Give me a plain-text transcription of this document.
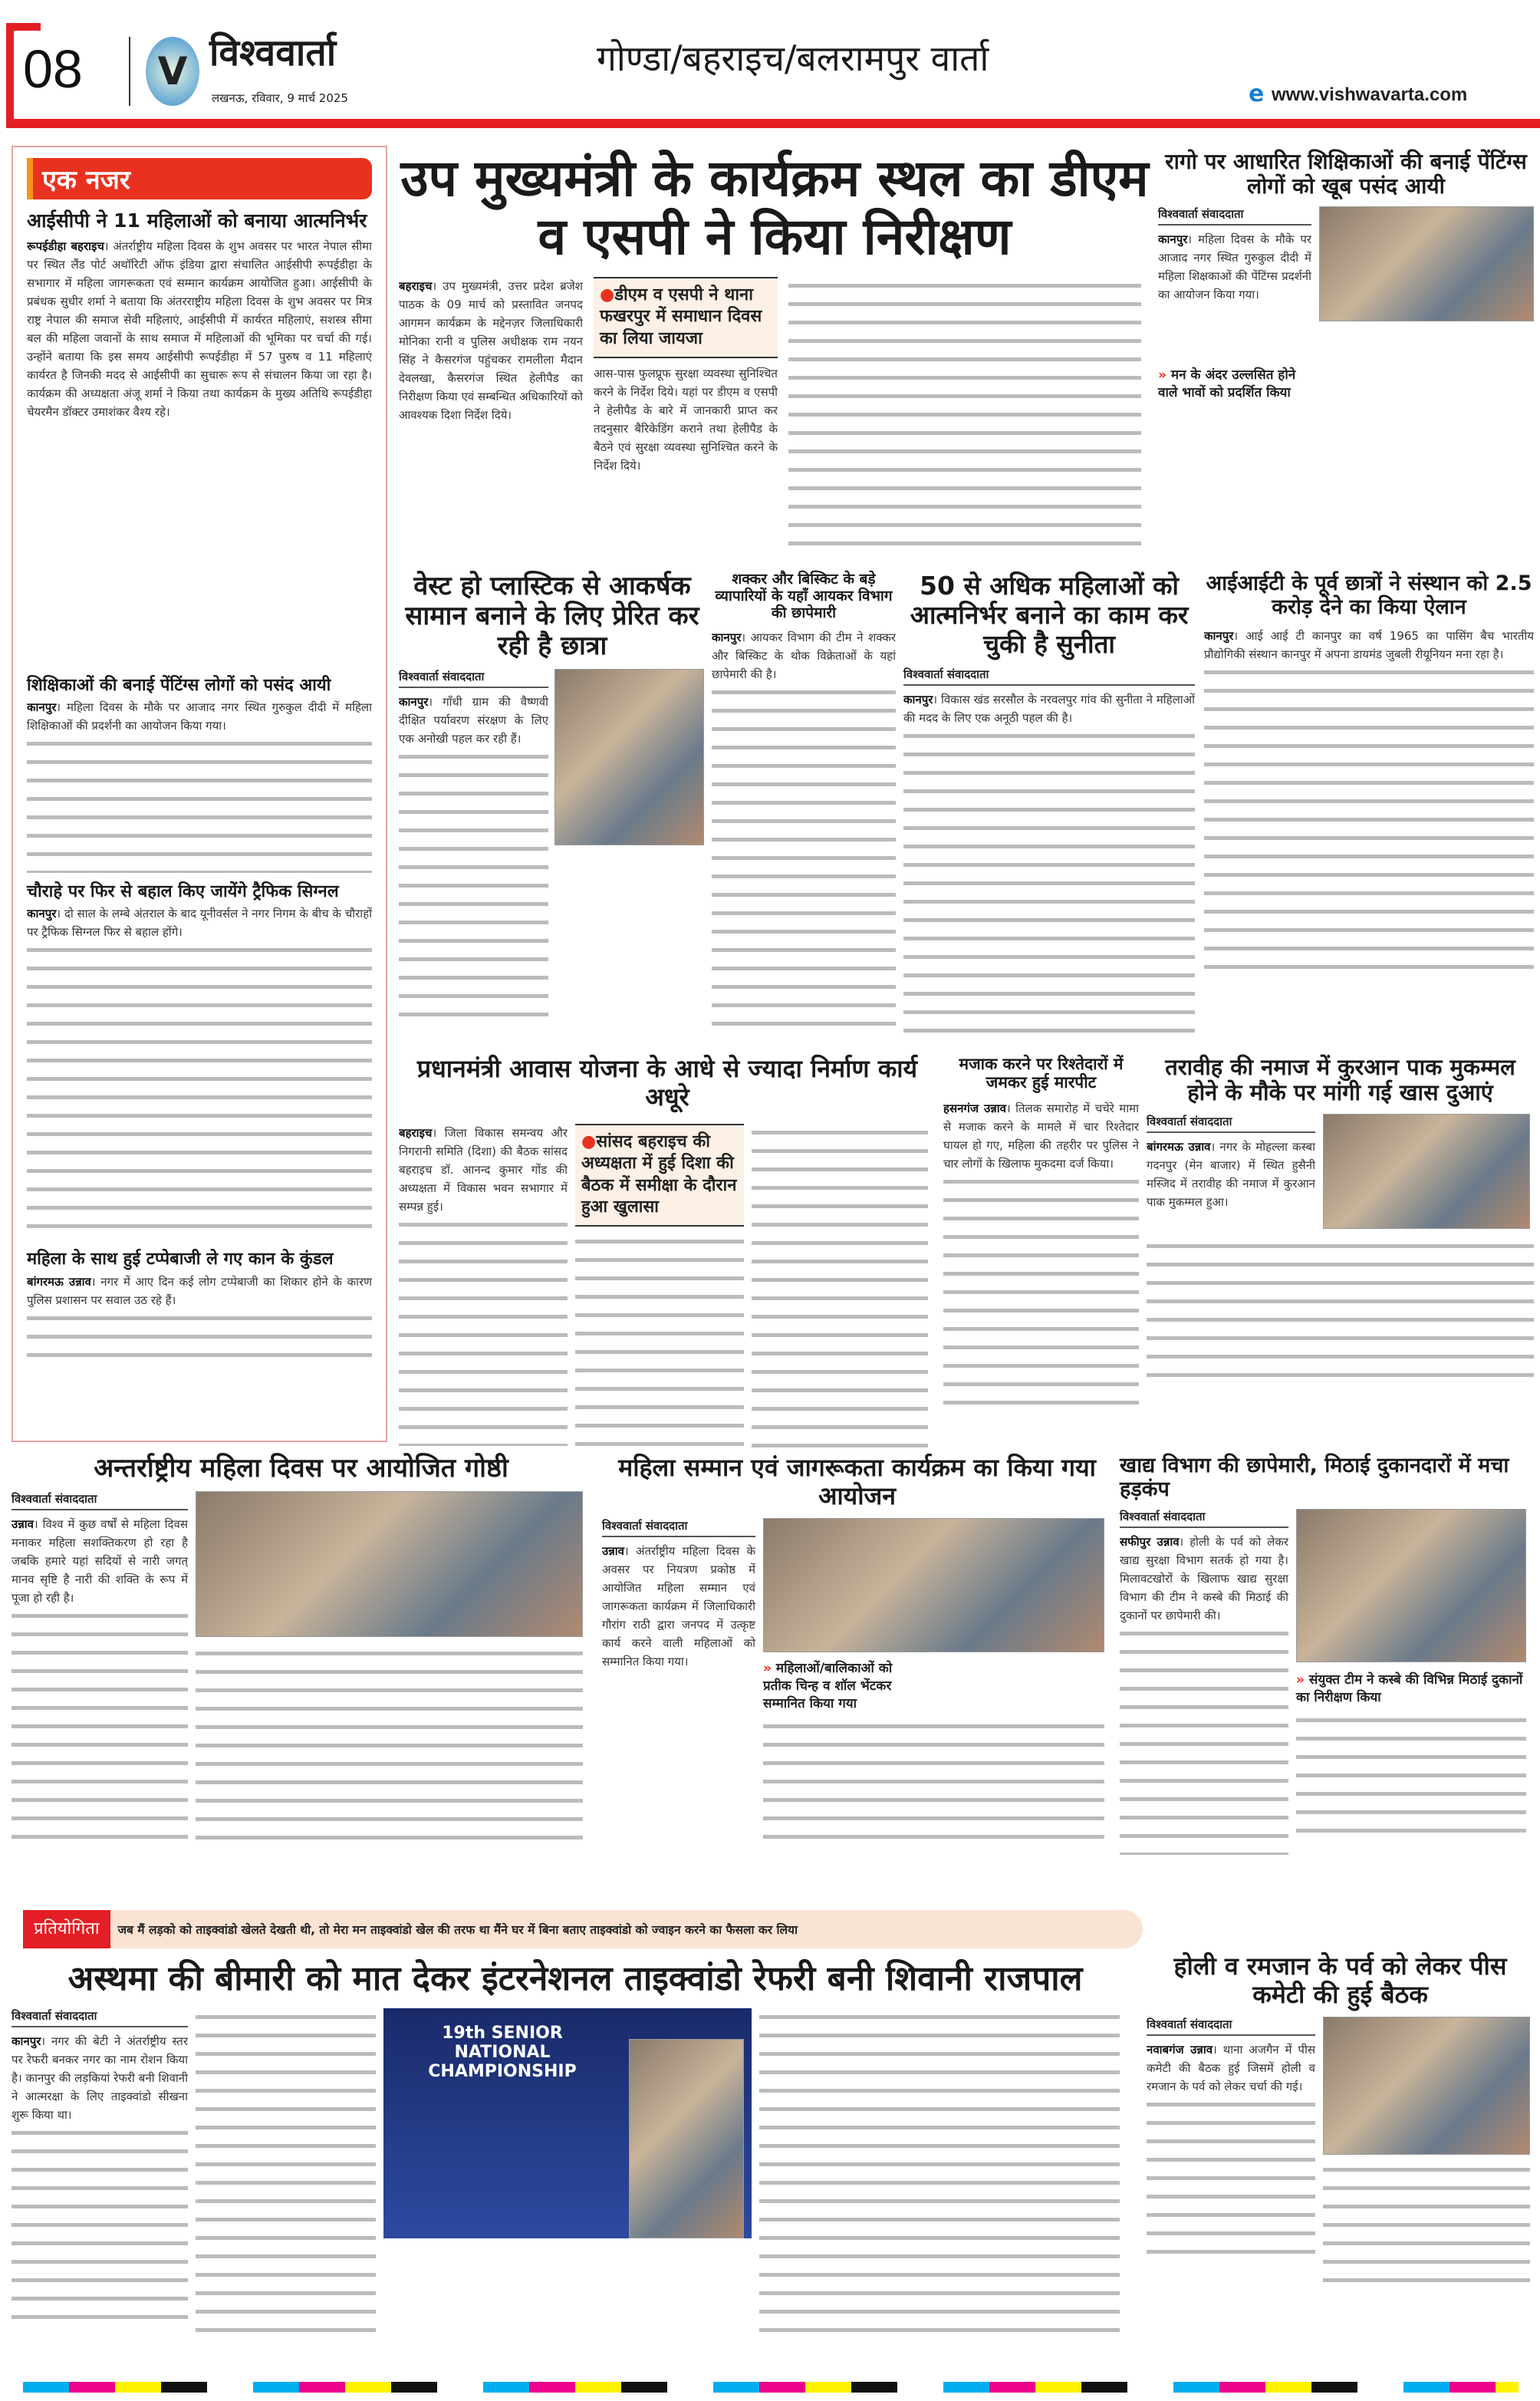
08	V विश्ववार्ता
लखनऊ, रविवार, 9 मार्च 2025
गोण्डा/बहराइच/बलरामपुर वार्ता
e www.vishwavarta.com
एक नजर
आईसीपी ने 11 महिलाओं को बनाया आत्मनिर्भर
रूपईडीहा बहराइच। अंतर्राष्ट्रीय महिला दिवस के शुभ अवसर पर भारत नेपाल सीमा पर स्थित लैंड पोर्ट अथॉरिटी ऑफ इंडिया द्वारा संचालित आईसीपी रूपईडीहा के सभागार में महिला जागरूकता एवं सम्मान कार्यक्रम आयोजित हुआ। आईसीपी के प्रबंधक सुधीर शर्मा ने बताया कि अंतरराष्ट्रीय महिला दिवस के शुभ अवसर पर मित्र राष्ट्र नेपाल की समाज सेवी महिलाएं, आईसीपी में कार्यरत महिलाएं, सशस्त्र सीमा बल की महिला जवानों के साथ समाज में महिलाओं की भूमिका पर चर्चा की गई। उन्होंने बताया कि इस समय आईसीपी रूपईडीहा में 57 पुरुष व 11 महिलाएं कार्यरत है जिनकी मदद से आईसीपी का सुचारू रूप से संचालन किया जा रहा है। कार्यक्रम की अध्यक्षता अंजू शर्मा ने किया तथा कार्यक्रम के मुख्य अतिथि रूपईडीहा चेयरमैन डॉक्टर उमाशंकर वैश्य रहे।
शिक्षिकाओं की बनाई पेंटिंग्स लोगों को पसंद आयी
कानपुर। महिला दिवस के मौके पर आजाद नगर स्थित गुरुकुल दीदी में महिला शिक्षिकाओं की प्रदर्शनी का आयोजन किया गया।
चौराहे पर फिर से बहाल किए जायेंगे ट्रैफिक सिग्नल
कानपुर। दो साल के लम्बे अंतराल के बाद यूनीवर्सल ने नगर निगम के बीच के चौराहों पर ट्रैफिक सिग्नल फिर से बहाल होंगे।
महिला के साथ हुई टप्पेबाजी ले गए कान के कुंडल
बांगरमऊ उन्नाव। नगर में आए दिन कई लोग टप्पेबाजी का शिकार होने के कारण पुलिस प्रशासन पर सवाल उठ रहे हैं।
उप मुख्यमंत्री के कार्यक्रम स्थल का डीएम
व एसपी ने किया निरीक्षण
बहराइच। उप मुख्यमंत्री, उत्तर प्रदेश ब्रजेश पाठक के 09 मार्च को प्रस्तावित जनपद आगमन कार्यक्रम के मद्देनज़र जिलाधिकारी मोनिका रानी व पुलिस अधीक्षक राम नयन सिंह ने कैसरगंज पहुंचकर रामलीला मैदान देवलखा, कैसरगंज स्थित हेलीपैड का निरीक्षण किया एवं सम्बन्धित अधिकारियों को आवश्यक दिशा निर्देश दिये।
●डीएम व एसपी ने थाना फखरपुर में समाधान दिवस का लिया जायजा
आस-पास फुलप्रूफ सुरक्षा व्यवस्था सुनिश्चित करने के निर्देश दिये। यहां पर डीएम व एसपी ने हेलीपैड के बारे में जानकारी प्राप्त कर तदनुसार बैरिकेडिंग कराने तथा हेलीपैड के बैठने एवं सुरक्षा व्यवस्था सुनिश्चित करने के निर्देश दिये।
रागो पर आधारित शिक्षिकाओं की बनाई पेंटिंग्स लोगों को खूब पसंद आयी
विश्ववार्ता संवाददाता
कानपुर। महिला दिवस के मौके पर आजाद नगर स्थित गुरुकुल दीदी में महिला शिक्षकाओं की पेंटिंग्स प्रदर्शनी का आयोजन किया गया।
» मन के अंदर उल्लसित होने वाले भावों को प्रदर्शित किया
वेस्ट हो प्लास्टिक से आकर्षक सामान बनाने के लिए प्रेरित कर रही है छात्रा
विश्ववार्ता संवाददाता
कानपुर। गाँधी ग्राम की वैष्णवी दीक्षित पर्यावरण संरक्षण के लिए एक अनोखी पहल कर रही हैं।
शक्कर और बिस्किट के बड़े व्यापारियों के यहाँ आयकर विभाग की छापेमारी
कानपुर। आयकर विभाग की टीम ने शक्कर और बिस्किट के थोक विक्रेताओं के यहां छापेमारी की है।
50 से अधिक महिलाओं को आत्मनिर्भर बनाने का काम कर चुकी है सुनीता
विश्ववार्ता संवाददाता
कानपुर। विकास खंड सरसौल के नरवलपुर गांव की सुनीता ने महिलाओं की मदद के लिए एक अनूठी पहल की है।
आईआईटी के पूर्व छात्रों ने संस्थान को 2.5 करोड़ देने का किया ऐलान
कानपुर। आई आई टी कानपुर का वर्ष 1965 का पासिंग बैच भारतीय प्रौद्योगिकी संस्थान कानपुर में अपना डायमंड जुबली रीयूनियन मना रहा है।
प्रधानमंत्री आवास योजना के आधे से ज्यादा निर्माण कार्य अधूरे
बहराइच। जिला विकास समन्वय और निगरानी समिति (दिशा) की बैठक सांसद बहराइच डॉ. आनन्द कुमार गोंड की अध्यक्षता में विकास भवन सभागार में सम्पन्न हुई।
●सांसद बहराइच की अध्यक्षता में हुई दिशा की बैठक में समीक्षा के दौरान हुआ खुलासा
मजाक करने पर रिश्तेदारों में जमकर हुई मारपीट
हसनगंज उन्नाव। तिलक समारोह में चचेरे मामा से मजाक करने के मामले में चार रिश्तेदार घायल हो गए, महिला की तहरीर पर पुलिस ने चार लोगों के खिलाफ मुकदमा दर्ज किया।
तरावीह की नमाज में कुरआन पाक मुकम्मल होने के मौके पर मांगी गई खास दुआएं
विश्ववार्ता संवाददाता
बांगरमऊ उन्नाव। नगर के मोहल्ला कस्बा गदनपुर (मेन बाजार) में स्थित हुसैनी मस्जिद में तरावीह की नमाज में कुरआन पाक मुकम्मल हुआ।
अन्तर्राष्ट्रीय महिला दिवस पर आयोजित गोष्ठी
विश्ववार्ता संवाददाता
उन्नाव। विश्व में कुछ वर्षों से महिला दिवस मनाकर महिला सशक्तिकरण हो रहा है जबकि हमारे यहां सदियों से नारी जगत् मानव सृष्टि है नारी की शक्ति के रूप में पूजा हो रही है।
महिला सम्मान एवं जागरूकता कार्यक्रम का किया गया आयोजन
विश्ववार्ता संवाददाता
उन्नाव। अंतर्राष्ट्रीय महिला दिवस के अवसर पर नियत्रण प्रकोष्ठ में आयोजित महिला सम्मान एवं जागरूकता कार्यक्रम में जिलाधिकारी गौरांग राठी द्वारा जनपद में उत्कृष्ट कार्य करने वाली महिलाओं को सम्मानित किया गया।	» महिलाओं/बालिकाओं को प्रतीक चिन्ह व शॉल भेंटकर सम्मानित किया गया
खाद्य विभाग की छापेमारी, मिठाई दुकानदारों में मचा हड़कंप
विश्ववार्ता संवाददाता
सफीपुर उन्नाव। होली के पर्व को लेकर खाद्य सुरक्षा विभाग सतर्क हो गया है। मिलावटखोरों के खिलाफ खाद्य सुरक्षा विभाग की टीम ने कस्बे की मिठाई की दुकानों पर छापेमारी की।
» संयुक्त टीम ने कस्बे की विभिन्न मिठाई दुकानों का निरीक्षण किया
प्रतियोगिता	जब मैं लड़को को ताइक्वांडो खेलते देखती थी, तो मेरा मन ताइक्वांडो खेल की तरफ था मैंने घर में बिना बताए ताइक्वांडो को ज्वाइन करने का फैसला कर लिया
अस्थमा की बीमारी को मात देकर इंटरनेशनल ताइक्वांडो रेफरी बनी शिवानी राजपाल
विश्ववार्ता संवाददाता
कानपुर। नगर की बेटी ने अंतर्राष्ट्रीय स्तर पर रेफरी बनकर नगर का नाम रोशन किया है। कानपुर की लड़कियां रेफरी बनी शिवानी ने आत्मरक्षा के लिए ताइक्वांडो सीखना शुरू किया था।
19th SENIOR NATIONAL CHAMPIONSHIP
होली व रमजान के पर्व को लेकर पीस कमेटी की हुई बैठक
विश्ववार्ता संवाददाता
नवाबगंज उन्नाव। थाना अजगैन में पीस कमेटी की बैठक हुई जिसमें होली व रमजान के पर्व को लेकर चर्चा की गई।
